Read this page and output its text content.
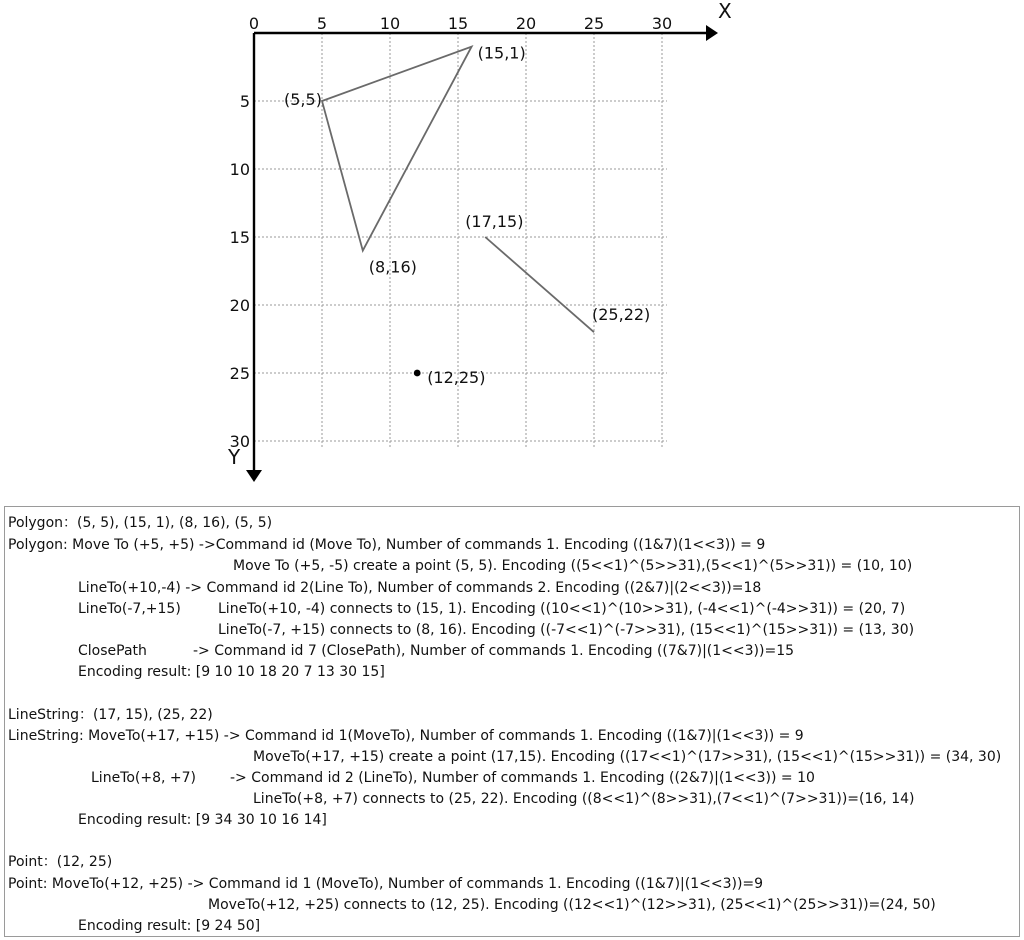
X
Y
0	5	10	15	20	25	30
5
10
15
20
25
30
(5,5)
(15,1)
(8,16)
(17,15)
(25,22)
(12,25)
Polygon：(5, 5), (15, 1), (8, 16), (5, 5)
Polygon: Move To (+5, +5) ->Command id (Move To), Number of commands 1. Encoding ((1&7)(1<<3)) = 9
Move To (+5, -5) create a point (5, 5). Encoding ((5<<1)^(5>>31),(5<<1)^(5>>31)) = (10, 10)
LineTo(+10,-4) -> Command id 2(Line To), Number of commands 2. Encoding ((2&7)|(2<<3))=18
LineTo(-7,+15)	LineTo(+10, -4) connects to (15, 1). Encoding ((10<<1)^(10>>31), (-4<<1)^(-4>>31)) = (20, 7)
LineTo(-7, +15) connects to (8, 16). Encoding ((-7<<1)^(-7>>31), (15<<1)^(15>>31)) = (13, 30)
ClosePath	-> Command id 7 (ClosePath), Number of commands 1. Encoding ((7&7)|(1<<3))=15
Encoding result: [9 10 10 18 20 7 13 30 15]
LineString：(17, 15), (25, 22)
LineString: MoveTo(+17, +15) -> Command id 1(MoveTo), Number of commands 1. Encoding ((1&7)|(1<<3)) = 9
MoveTo(+17, +15) create a point (17,15). Encoding ((17<<1)^(17>>31), (15<<1)^(15>>31)) = (34, 30)
LineTo(+8, +7) -> Command id 2 (LineTo), Number of commands 1. Encoding ((2&7)|(1<<3)) = 10
LineTo(+8, +7) connects to (25, 22). Encoding ((8<<1)^(8>>31),(7<<1)^(7>>31))=(16, 14)
Encoding result: [9 34 30 10 16 14]
Point：(12, 25)
Point: MoveTo(+12, +25) -> Command id 1 (MoveTo), Number of commands 1. Encoding ((1&7)|(1<<3))=9
MoveTo(+12, +25) connects to (12, 25). Encoding ((12<<1)^(12>>31), (25<<1)^(25>>31))=(24, 50)
Encoding result: [9 24 50]
